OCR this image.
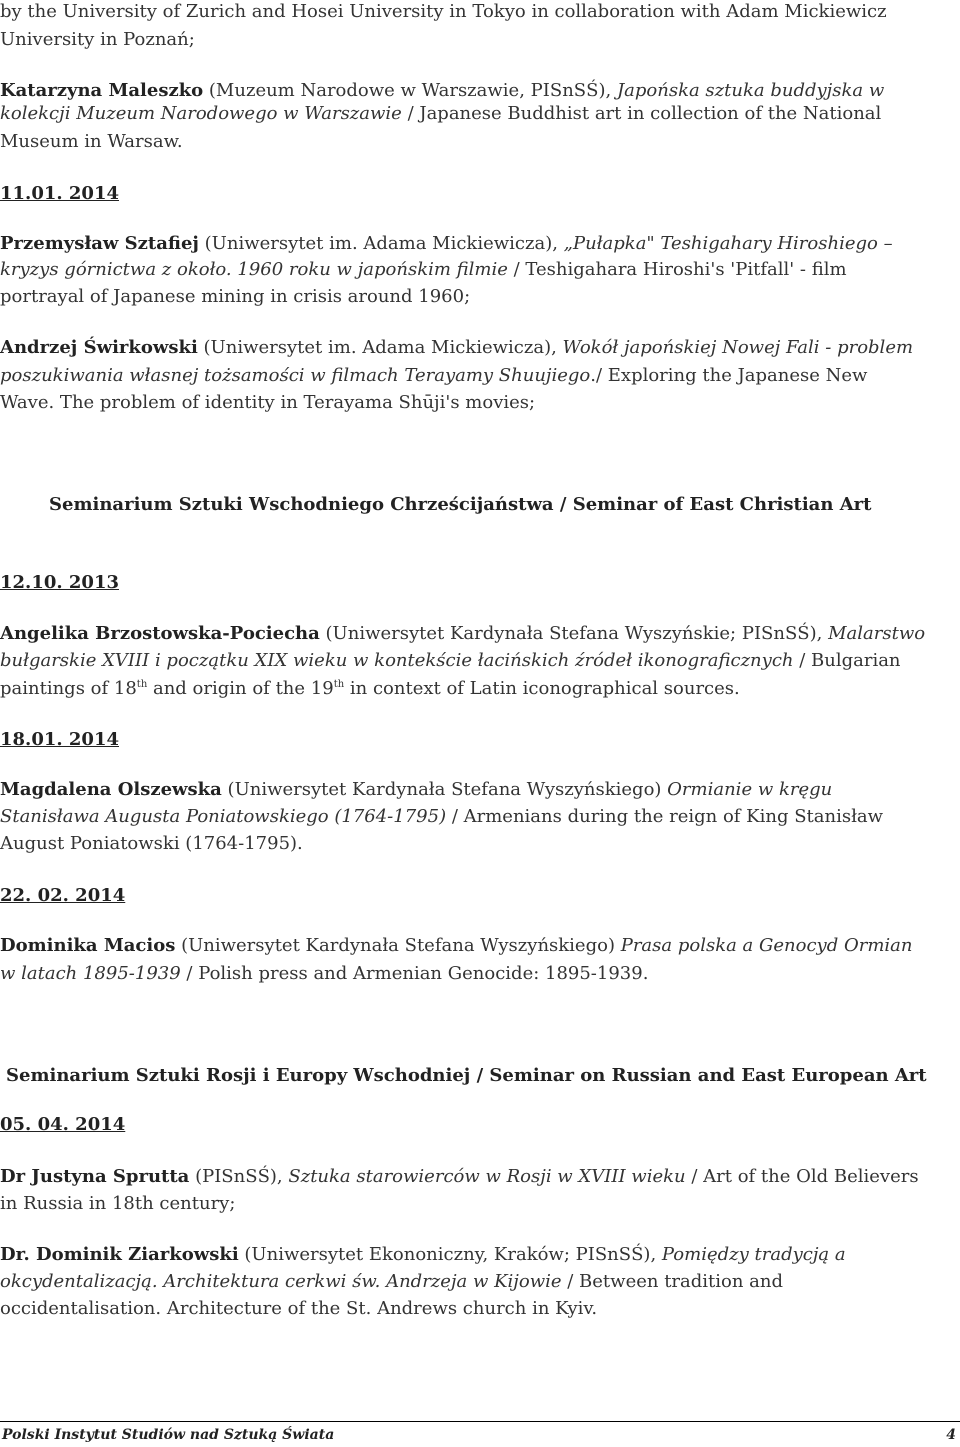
by the University of Zurich and Hosei University in Tokyo in collaboration with Adam Mickiewicz
University in Poznań;
Katarzyna Maleszko (Muzeum Narodowe w Warszawie, PISnSŚ), Japońska sztuka buddyjska w
kolekcji Muzeum Narodowego w Warszawie / Japanese Buddhist art in collection of the National
Museum in Warsaw.
11.01. 2014
Przemysław Sztafiej (Uniwersytet im. Adama Mickiewicza), „Pułapka" Teshigahary Hiroshiego –
kryzys górnictwa z około. 1960 roku w japońskim filmie / Teshigahara Hiroshi's 'Pitfall' - film
portrayal of Japanese mining in crisis around 1960;
Andrzej Świrkowski (Uniwersytet im. Adama Mickiewicza), Wokół japońskiej Nowej Fali - problem
poszukiwania własnej tożsamości w filmach Terayamy Shuujiego./ Exploring the Japanese New
Wave. The problem of identity in Terayama Shūji's movies;
Seminarium Sztuki Wschodniego Chrześcijaństwa / Seminar of East Christian Art
12.10. 2013
Angelika Brzostowska-Pociecha (Uniwersytet Kardynała Stefana Wyszyńskie; PISnSŚ), Malarstwo
bułgarskie XVIII i początku XIX wieku w kontekście łacińskich źródeł ikonograficznych / Bulgarian
paintings of 18th and origin of the 19th in context of Latin iconographical sources.
18.01. 2014
Magdalena Olszewska (Uniwersytet Kardynała Stefana Wyszyńskiego) Ormianie w kręgu
Stanisława Augusta Poniatowskiego (1764-1795) / Armenians during the reign of King Stanisław
August Poniatowski (1764-1795).
22. 02. 2014
Dominika Macios (Uniwersytet Kardynała Stefana Wyszyńskiego) Prasa polska a Genocyd Ormian
w latach 1895-1939 / Polish press and Armenian Genocide: 1895-1939.
Seminarium Sztuki Rosji i Europy Wschodniej / Seminar on Russian and East European Art
05. 04. 2014
Dr Justyna Sprutta (PISnSŚ), Sztuka starowierców w Rosji w XVIII wieku / Art of the Old Believers
in Russia in 18th century;
Dr. Dominik Ziarkowski (Uniwersytet Ekononiczny, Kraków; PISnSŚ), Pomiędzy tradycją a
okcydentalizacją. Architektura cerkwi św. Andrzeja w Kijowie / Between tradition and
occidentalisation. Architecture of the St. Andrews church in Kyiv.
Polski Instytut Studiów nad Sztuką Świata	4
